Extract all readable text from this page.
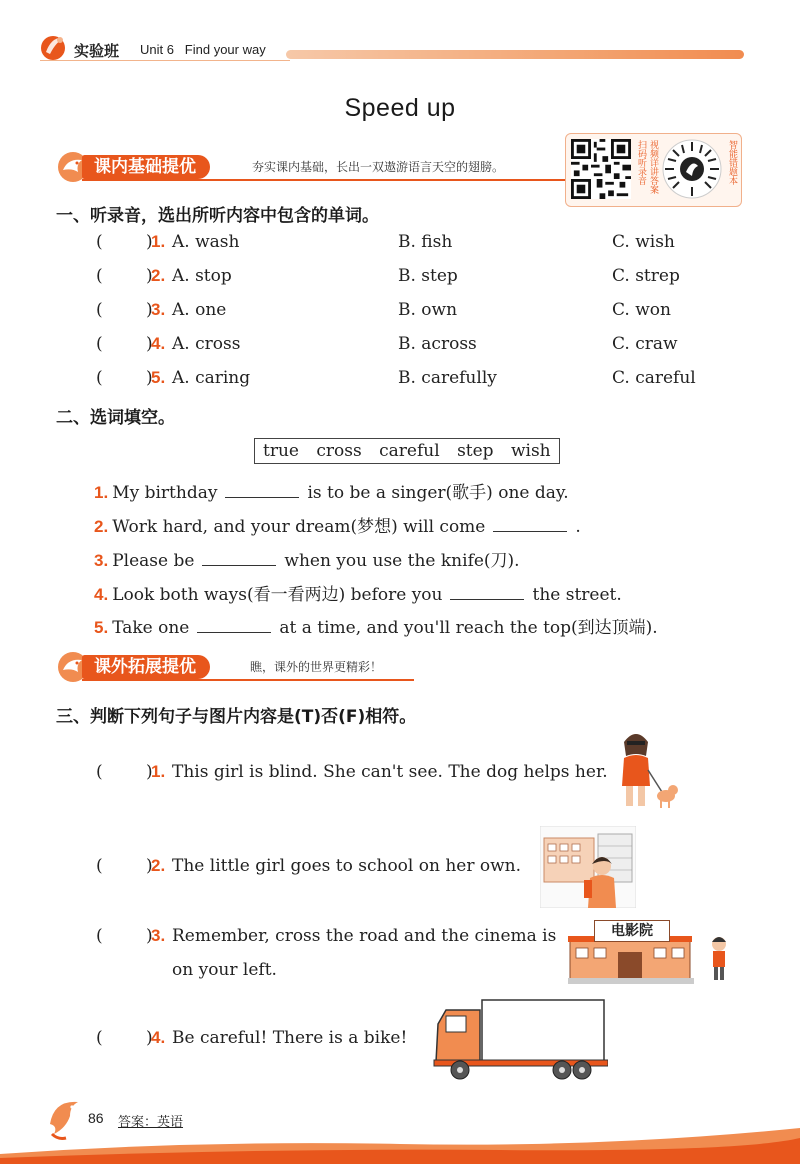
实验班 Unit 6   Find your way
Speed up
课内基础提优	夯实课内基础，长出一双遨游语言天空的翅膀。	扫码听录音 视频详讲答案	智能错题本
一、听录音，选出所听内容中包含的单词。
(	)
1. A. wash	B. fish	C. wish
(	)
2. A. stop	B. step	C. strep
(	)
3. A. one	B. own	C. won
(	)
4. A. cross	B. across	C. craw
(	)
5. A. caring	B. carefully	C. careful
二、选词填空。
true cross careful step wish
1. My birthday	is to be a singer(歌手) one day.
2. Work hard, and your dream(梦想) will come	.
3. Please be	when you use the knife(刀).
4. Look both ways(看一看两边) before you	the street.
5. Take one	at a time, and you'll reach the top(到达顶端).
课外拓展提优	瞧，课外的世界更精彩！
三、判断下列句子与图片内容是(T)否(F)相符。
(	)
1. This girl is blind. She can't see. The dog helps her.
(	)
2. The little girl goes to school on her own.
(	)
3. Remember, cross the road and the cinema is
on your left.
电影院
(	)
4. Be careful! There is a bike!
86 答案：英语
